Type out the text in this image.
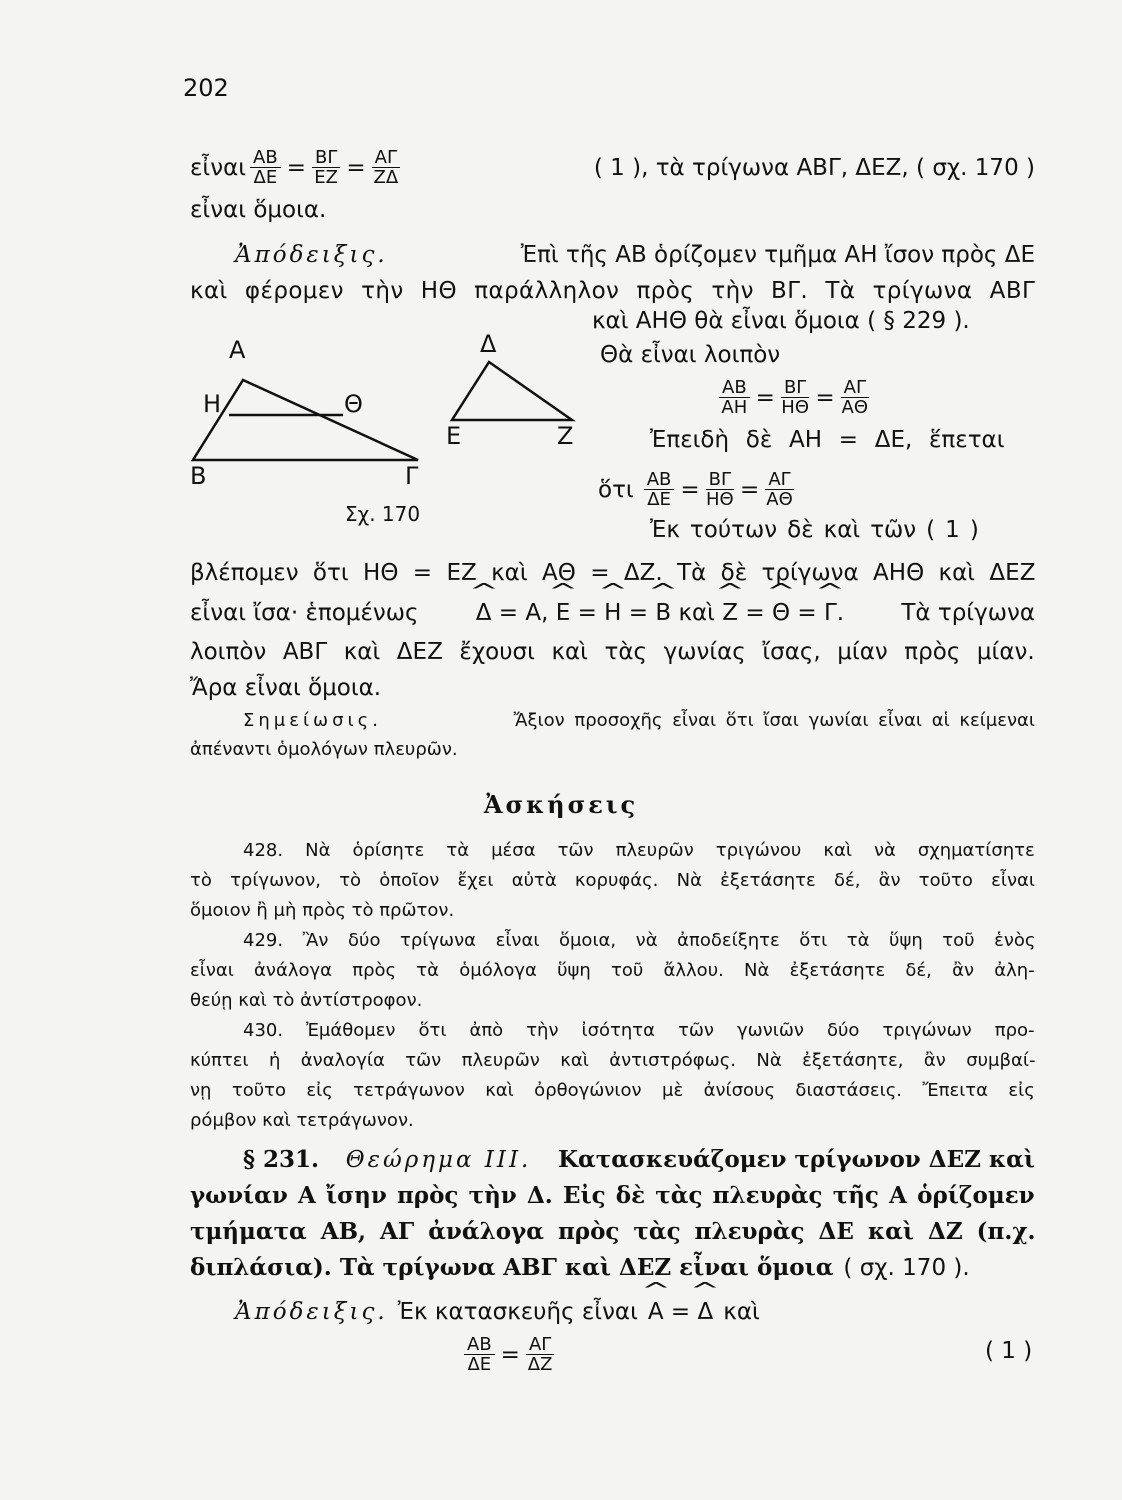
202
εἶναι $\frac{AB}{\Delta E} = \frac{B\Gamma}{EZ} = \frac{A\Gamma}{Z\Delta}$	( 1 ), τὰ τρίγωνα ΑΒΓ, ΔΕΖ, ( σχ. 170 )
εἶναι ὅμοια.
Ἀπόδειξις.	Ἐπὶ τῆς ΑΒ ὁρίζομεν τμῆμα ΑΗ ἴσον πρὸς ΔΕ
καὶ φέρομεν τὴν ΗΘ παράλληλον πρὸς τὴν ΒΓ. Τὰ τρίγωνα ΑΒΓ
καὶ ΑΗΘ θὰ εἶναι ὅμοια ( § 229 ).
Θὰ εἶναι λοιπὸν
$\frac{AB}{AH} = \frac{B\Gamma}{H\Theta} = \frac{A\Gamma}{A\Theta}$
Ἐπειδὴ δὲ ΑΗ = ΔΕ, ἕπεται
ὅτι $\frac{AB}{\Delta E} = \frac{B\Gamma}{H\Theta} = \frac{A\Gamma}{A\Theta}$
Ἐκ τούτων δὲ καὶ τῶν ( 1 )
βλέπομεν ὅτι ΗΘ = ΕΖ καὶ ΑΘ = ΔΖ. Τὰ δὲ τρίγωνα ΑΗΘ καὶ ΔΕΖ
εἶναι ἴσα· ἑπομένως ^ Δ = Α, ^ Ε = ^ Η = ^ Β καὶ ^ Ζ = ^ Θ = ^ Γ. Τὰ τρίγωνα
λοιπὸν ΑΒΓ καὶ ΔΕΖ ἔχουσι καὶ τὰς γωνίας ἴσας, μίαν πρὸς μίαν.
Ἄρα εἶναι ὅμοια.
Σημείωσις.	Ἄξιον προσοχῆς εἶναι ὅτι ἴσαι γωνίαι εἶναι αἱ κείμεναι
ἀπέναντι ὁμολόγων πλευρῶν.
Ἀσκήσεις
428. Νὰ ὁρίσητε τὰ μέσα τῶν πλευρῶν τριγώνου καὶ νὰ σχηματίσητε
τὸ τρίγωνον, τὸ ὁποῖον ἔχει αὐτὰ κορυφάς. Νὰ ἐξετάσητε δέ, ἂν τοῦτο εἶναι
ὅμοιον ἢ μὴ πρὸς τὸ πρῶτον.
429. Ἂν δύο τρίγωνα εἶναι ὅμοια, νὰ ἀποδείξητε ὅτι τὰ ὕψη τοῦ ἑνὸς
εἶναι ἀνάλογα πρὸς τὰ ὁμόλογα ὕψη τοῦ ἄλλου. Νὰ ἐξετάσητε δέ, ἂν ἀλη-
θεύῃ καὶ τὸ ἀντίστροφον.
430. Ἐμάθομεν ὅτι ἀπὸ τὴν ἰσότητα τῶν γωνιῶν δύο τριγώνων προ-
κύπτει ἡ ἀναλογία τῶν πλευρῶν καὶ ἀντιστρόφως. Νὰ ἐξετάσητε, ἂν συμβαί-
νῃ τοῦτο εἰς τετράγωνον καὶ ὀρθογώνιον μὲ ἀνίσους διαστάσεις. Ἔπειτα εἰς
ρόμβον καὶ τετράγωνον.
§ 231. Θεώρημα III. Κατασκευάζομεν τρίγωνον ΔΕΖ καὶ
γωνίαν Α ἴσην πρὸς τὴν Δ. Εἰς δὲ τὰς πλευρὰς τῆς Α ὁρίζομεν
τμήματα ΑΒ, ΑΓ ἀνάλογα πρὸς τὰς πλευρὰς ΔΕ καὶ ΔΖ (π.χ.
διπλάσια). Τὰ τρίγωνα ΑΒΓ καὶ ΔΕΖ εἶναι ὅμοια ( σχ. 170 ).
Ἀπόδειξις. Ἐκ κατασκευῆς εἶναι ^ Α = ^ Δ καὶ
$\frac{AB}{\Delta E} = \frac{A\Gamma}{\Delta Z}$	( 1 )
Α
Η	Θ
Β	Γ
Δ
Ε	Ζ
Σχ. 170
